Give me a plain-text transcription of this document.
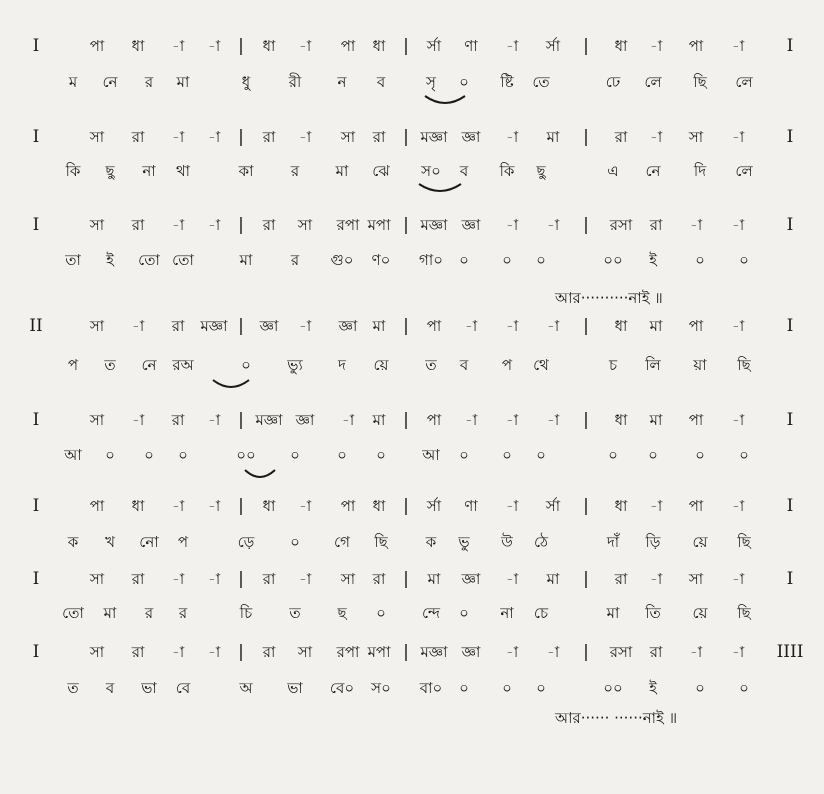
I	পা ধা -া -া | ধা -া পা ধা | র্সা ণা -া র্সা | ধা -া পা -া I
ম নে র মা	ধু	রী ন ব	সৃ ০ ষ্টি তে	ঢে লে ছি লে
I	সা রা -া -া | রা -া সা রা | মজ্ঞা জ্ঞা -া মা | রা -া সা -া I
কি ছু না থা	কা র মা ঝে স০ ব কি ছু	এ নে দি লে
I	সা রা -া -া | রা সা রপা মপা | মজ্ঞা জ্ঞা -া -া | রসা রা -া -া I
তা ই তো তো	মা	র গু০ ণ০ গা০ ০ ০ ০	০০ ই	০ ০
আর··········নাই ॥
II	সা -া রা মজ্ঞা | জ্ঞা -া জ্ঞা মা | পা -া -া -া | ধা মা পা -া I
প ত নে রঅ	০ ভ্যু দ য়ে ত ব প থে	চ লি য়া ছি
I	সা -া রা -া | মজ্ঞা জ্ঞা -া মা | পা -া -া -া | ধা মা পা -া I
আ ০ ০ ০	০০ ০ ০ ০ আ ০ ০ ০	০ ০ ০ ০
I	পা ধা -া -া | ধা -া পা ধা | র্সা ণা -া র্সা | ধা -া পা -া I
ক খ নো প	ড়ে ০ গে ছি	ক ভু উ ঠে	দাঁ ড়ি য়ে ছি
I	সা রা -া -া | রা -া সা রা | মা জ্ঞা -া মা | রা -া সা -া I
তো মা র র	চি ত ছ ০ ন্দে ০ না চে	মা তি য়ে ছি
I	সা রা -া -া | রা সা রপা মপা | মজ্ঞা জ্ঞা -া -া | রসা রা -া -া IIII
ত ব ভা বে	অ ভা বে০ স০ বা০ ০ ০ ০	০০ ই	০ ০
আর······ ······নাই ॥
